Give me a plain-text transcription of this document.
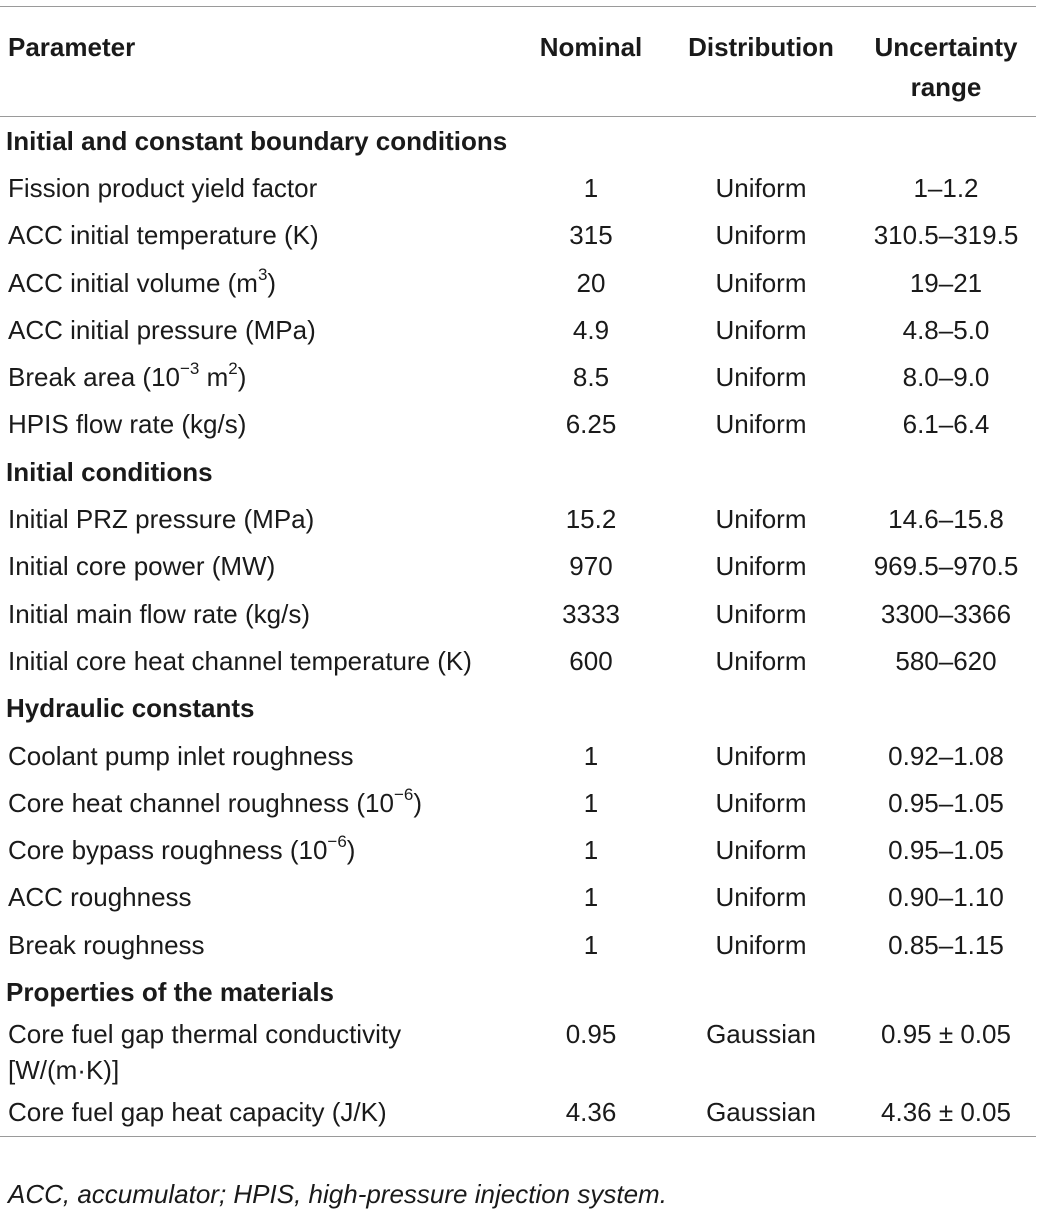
Parameter	Nominal	Distribution	Uncertainty
range
Initial and constant boundary conditions			
Fission product yield factor	1	Uniform	1–1.2
ACC initial temperature (K)	315	Uniform	310.5–319.5
ACC initial volume $(m^3)$	20	Uniform	19–21
ACC initial pressure (MPa)	4.9	Uniform	4.8–5.0
Break area ($10^{-3}$ $m^2$)	8.5	Uniform	8.0–9.0
HPIS flow rate (kg/s)	6.25	Uniform	6.1–6.4
Initial conditions			
Initial PRZ pressure (MPa)	15.2	Uniform	14.6–15.8
Initial core power (MW)	970	Uniform	969.5–970.5
Initial main flow rate (kg/s)	3333	Uniform	3300–3366
Initial core heat channel temperature (K)	600	Uniform	580–620
Hydraulic constants			
Coolant pump inlet roughness	1	Uniform	0.92–1.08
Core heat channel roughness $(10^{-6})$	1	Uniform	0.95–1.05
Core bypass roughness $(10^{-6})$	1	Uniform	0.95–1.05
ACC roughness	1	Uniform	0.90–1.10
Break roughness	1	Uniform	0.85–1.15
Properties of the materials			
Core fuel gap thermal conductivity
[W/(m·K)]	0.95	Gaussian	0.95 ± 0.05
Core fuel gap heat capacity (J/K)	4.36	Gaussian	4.36 ± 0.05
ACC, accumulator; HPIS, high-pressure injection system.
